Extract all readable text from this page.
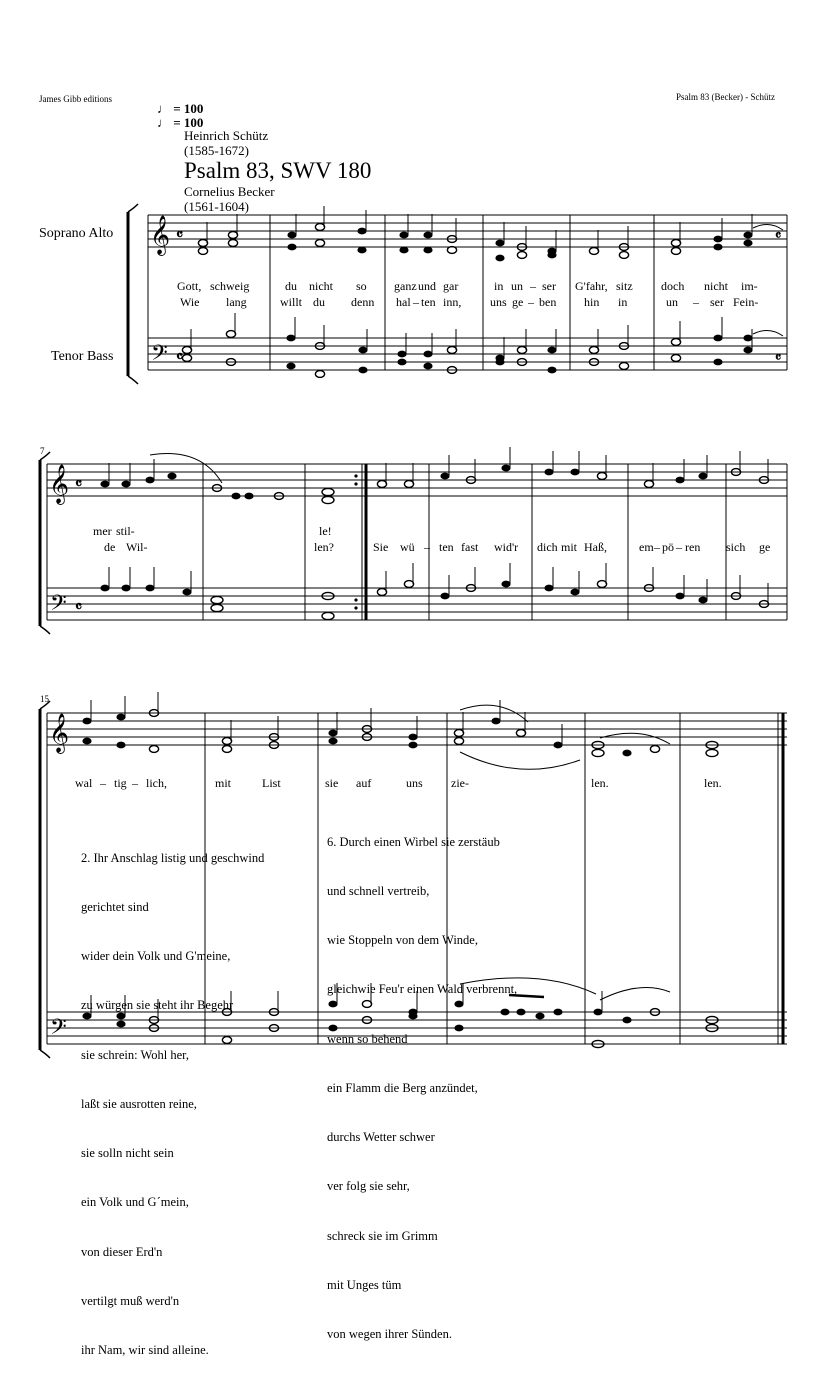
James Gibb editions	Psalm 83 (Becker) - Schütz
♩ = 100
♩ = 100
Heinrich Schütz
(1585-1672)
Psalm 83, SWV 180
Cornelius Becker
(1561-1604)
Soprano Alto
Tenor Bass
7
15
𝄞
𝄢
𝄴
𝄴
𝄴
𝄴
𝄞
𝄢
𝄴
𝄴
𝄞
𝄢
Gott, schweig	du nicht so ganz und gar	in un – ser G'fahr, sitz doch nicht im-
Wie lang	willt du denn hal – ten inn, uns ge – ben hin in	un – ser Fein-
mer stil-	le!
de Wil-	len?	Sie wü – ten fast wid'r dich mit Haß,	em – pö – ren sich ge
wal – tig – lich,	mit	List	sie auf	uns zie-	len.	len.

2. Ihr Anschlag listig und geschwind

gerichtet sind

wider dein Volk und G'meine,

zu würgen sie steht ihr Begehr

sie schrein: Wohl her,

laßt sie ausrotten reine,

sie solln nicht sein

ein Volk und G´mein,

von dieser Erd'n

vertilgt muß werd'n

ihr Nam, wir sind alleine.

6. Durch einen Wirbel sie zerstäub

und schnell vertreib,

wie Stoppeln von dem Winde,

gleichwie Feu'r einen Wald verbrennt,

wenn so behend

ein Flamm die Berg anzündet,

durchs Wetter schwer

ver folg sie sehr,

schreck sie im Grimm

mit Unges tüm

von wegen ihrer Sünden.
